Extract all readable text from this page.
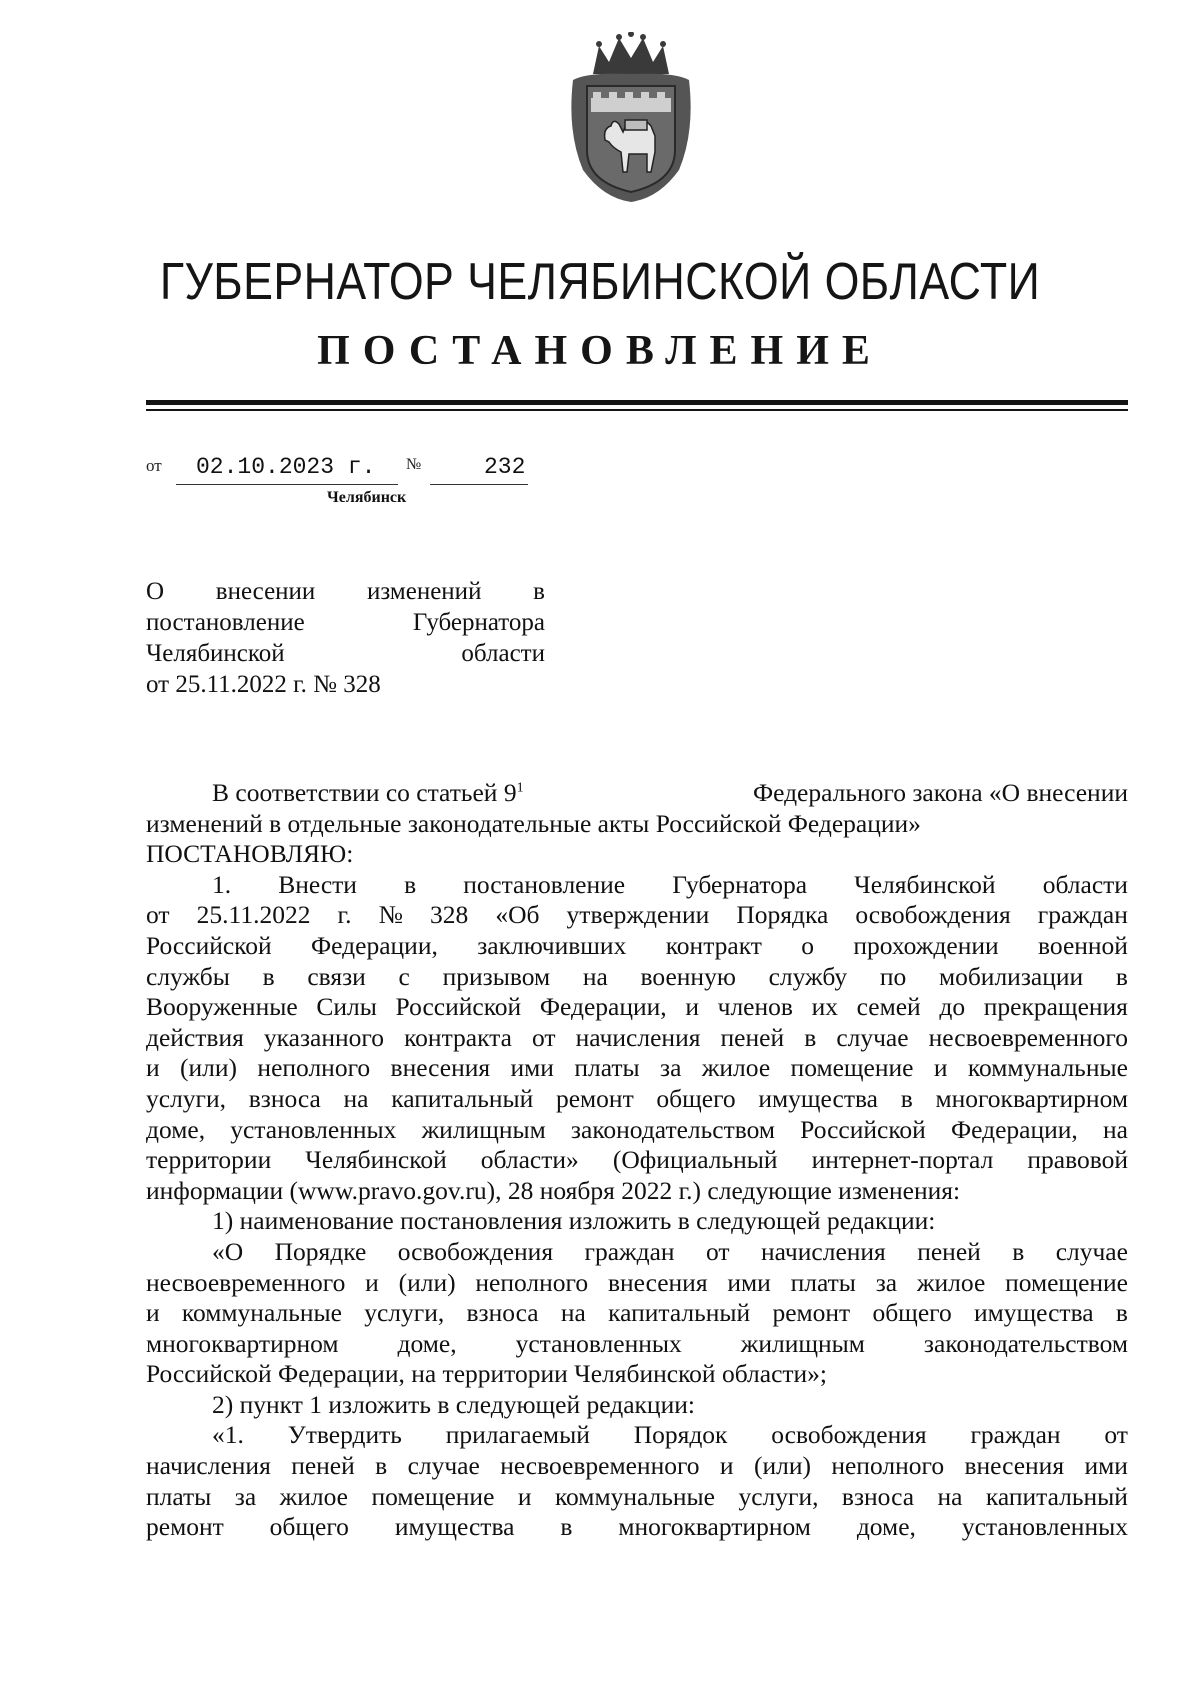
ГУБЕРНАТОР ЧЕЛЯБИНСКОЙ ОБЛАСТИ
ПОСТАНОВЛЕНИЕ
от 02.10.2023 г. №	232
Челябинск
О внесении изменений в
постановление	Губернатора
Челябинской	области
от 25.11.2022 г. № 328
В соответствии со статьей $9^1$	Федерального закона «О внесении
изменений в отдельные законодательные акты Российской Федерации»
ПОСТАНОВЛЯЮ:
1. Внести в постановление Губернатора Челябинской области
от 25.11.2022 г. № 328 «Об утверждении Порядка освобождения граждан
Российской Федерации, заключивших контракт о прохождении военной
службы в связи с призывом на военную службу по мобилизации в
Вооруженные Силы Российской Федерации, и членов их семей до прекращения
действия указанного контракта от начисления пеней в случае несвоевременного
и (или) неполного внесения ими платы за жилое помещение и коммунальные
услуги, взноса на капитальный ремонт общего имущества в многоквартирном
доме, установленных жилищным законодательством Российской Федерации, на
территории Челябинской области» (Официальный интернет-портал правовой
информации (www.pravo.gov.ru), 28 ноября 2022 г.) следующие изменения:
1) наименование постановления изложить в следующей редакции:
«О Порядке освобождения граждан от начисления пеней в случае
несвоевременного и (или) неполного внесения ими платы за жилое помещение
и коммунальные услуги, взноса на капитальный ремонт общего имущества в
многоквартирном доме, установленных жилищным законодательством
Российской Федерации, на территории Челябинской области»;
2) пункт 1 изложить в следующей редакции:
«1. Утвердить прилагаемый Порядок освобождения граждан от
начисления пеней в случае несвоевременного и (или) неполного внесения ими
платы за жилое помещение и коммунальные услуги, взноса на капитальный
ремонт общего имущества в многоквартирном доме, установленных
